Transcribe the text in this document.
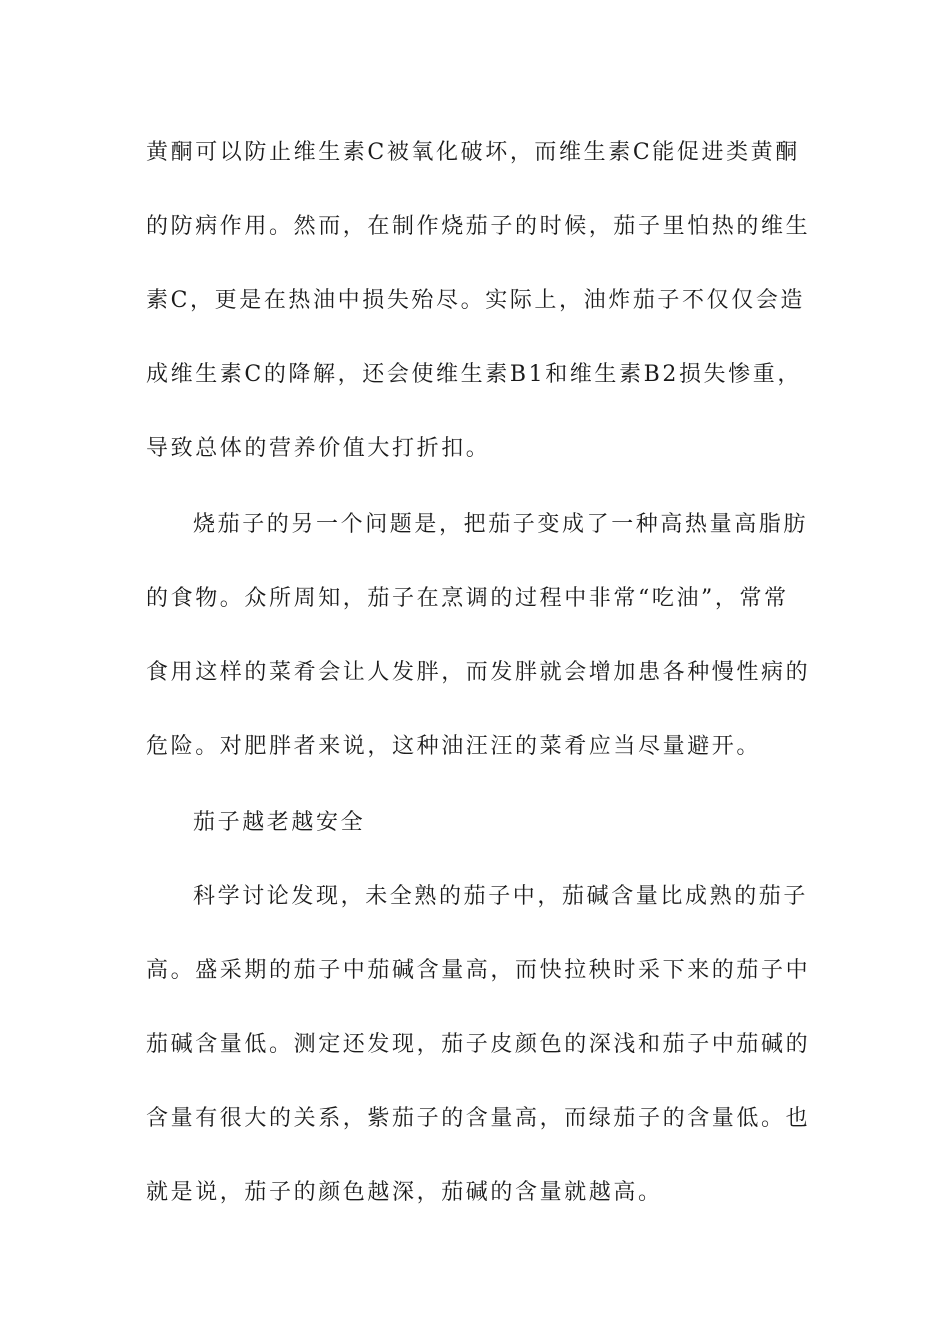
黄酮可以防止维生素C被氧化破坏，而维生素C能促进类黄酮
的防病作用。然而，在制作烧茄子的时候，茄子里怕热的维生
素C，更是在热油中损失殆尽。实际上，油炸茄子不仅仅会造
成维生素C的降解，还会使维生素B1和维生素B2损失惨重，
导致总体的营养价值大打折扣。
烧茄子的另一个问题是，把茄子变成了一种高热量高脂肪
的食物。众所周知，茄子在烹调的过程中非常“吃油”，常常
食用这样的菜肴会让人发胖，而发胖就会增加患各种慢性病的
危险。对肥胖者来说，这种油汪汪的菜肴应当尽量避开。
茄子越老越安全
科学讨论发现，未全熟的茄子中，茄碱含量比成熟的茄子
高。盛采期的茄子中茄碱含量高，而快拉秧时采下来的茄子中
茄碱含量低。测定还发现，茄子皮颜色的深浅和茄子中茄碱的
含量有很大的关系，紫茄子的含量高，而绿茄子的含量低。也
就是说，茄子的颜色越深，茄碱的含量就越高。
